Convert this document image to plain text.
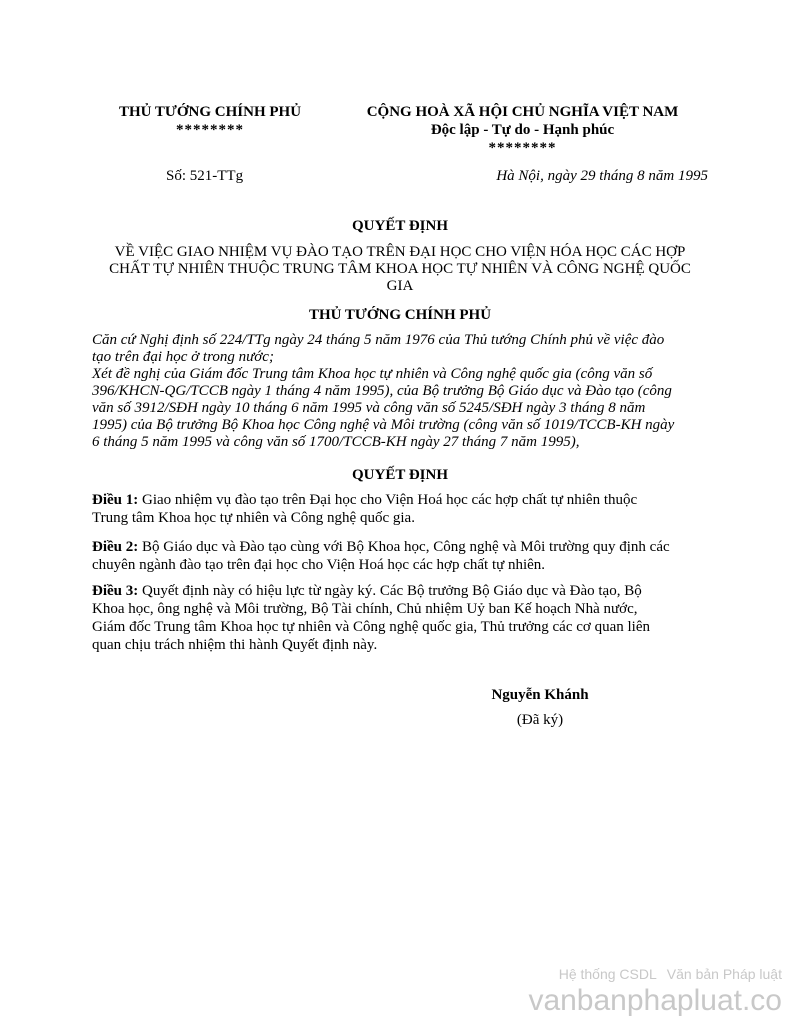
THỦ TƯỚNG CHÍNH PHỦ
********
CỘNG HOÀ XÃ HỘI CHỦ NGHĨA VIỆT NAM
Độc lập - Tự do - Hạnh phúc
********
Số: 521-TTg	Hà Nội, ngày 29 tháng 8 năm 1995
QUYẾT ĐỊNH
VỀ VIỆC GIAO NHIỆM VỤ ĐÀO TẠO TRÊN ĐẠI HỌC CHO VIỆN HÓA HỌC CÁC HỢP
CHẤT TỰ NHIÊN THUỘC TRUNG TÂM KHOA HỌC TỰ NHIÊN VÀ CÔNG NGHỆ QUỐC
GIA
THỦ TƯỚNG CHÍNH PHỦ
Căn cứ Nghị định số 224/TTg ngày 24 tháng 5 năm 1976 của Thủ tướng Chính phủ về việc đào
tạo trên đại học ở trong nước;
Xét đề nghị của Giám đốc Trung tâm Khoa học tự nhiên và Công nghệ quốc gia (công văn số
396/KHCN-QG/TCCB ngày 1 tháng 4 năm 1995), của Bộ trưởng Bộ Giáo dục và Đào tạo (công
văn số 3912/SĐH ngày 10 tháng 6 năm 1995 và công văn số 5245/SĐH ngày 3 tháng 8 năm
1995) của Bộ trưởng Bộ Khoa học Công nghệ và Môi trường (công văn số 1019/TCCB-KH ngày
6 tháng 5 năm 1995 và công văn số 1700/TCCB-KH ngày 27 tháng 7 năm 1995),
QUYẾT ĐỊNH
Điều 1: Giao nhiệm vụ đào tạo trên Đại học cho Viện Hoá học các hợp chất tự nhiên thuộc
Trung tâm Khoa học tự nhiên và Công nghệ quốc gia.
Điều 2: Bộ Giáo dục và Đào tạo cùng với Bộ Khoa học, Công nghệ và Môi trường quy định các
chuyên ngành đào tạo trên đại học cho Viện Hoá học các hợp chất tự nhiên.
Điều 3: Quyết định này có hiệu lực từ ngày ký. Các Bộ trưởng Bộ Giáo dục và Đào tạo, Bộ
Khoa học, ông nghệ và Môi trường, Bộ Tài chính, Chủ nhiệm Uỷ ban Kế hoạch Nhà nước,
Giám đốc Trung tâm Khoa học tự nhiên và Công nghệ quốc gia, Thủ trưởng các cơ quan liên
quan chịu trách nhiệm thi hành Quyết định này.
Nguyễn Khánh
(Đã ký)
Hệ thống CSDL Văn bản Pháp luật
vanbanphapluat.co
